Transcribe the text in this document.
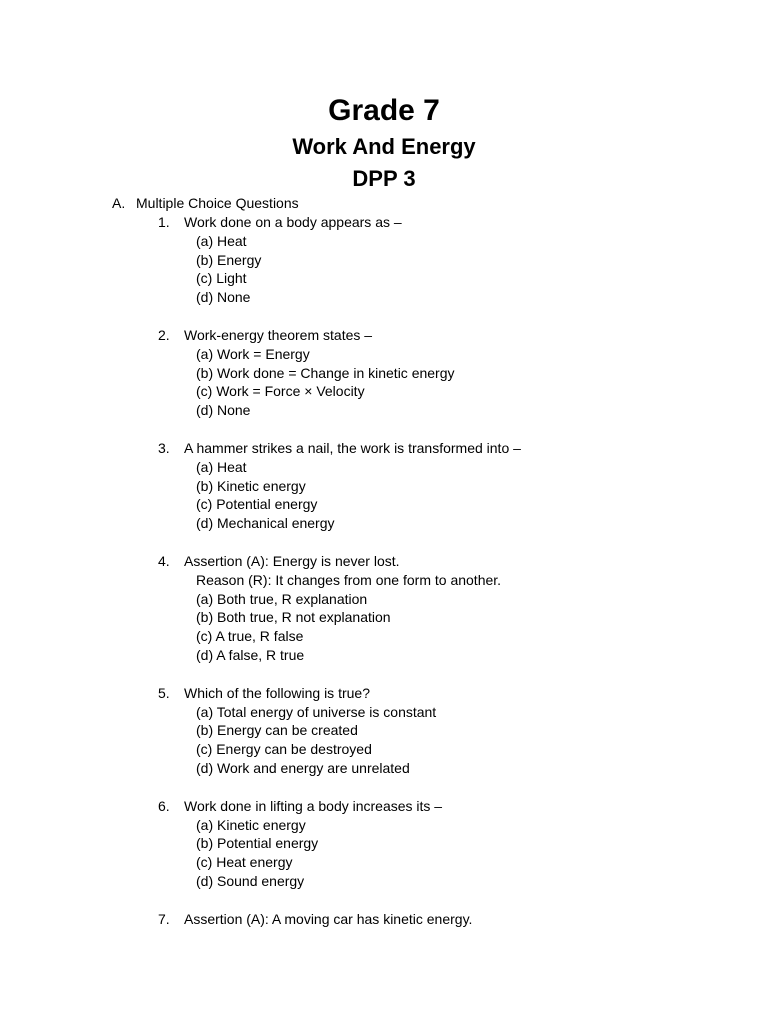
Grade 7
Work And Energy
DPP 3
A. Multiple Choice Questions
1. Work done on a body appears as –
(a) Heat
(b) Energy
(c) Light
(d) None
2. Work-energy theorem states –
(a) Work = Energy
(b) Work done = Change in kinetic energy
(c) Work = Force × Velocity
(d) None
3. A hammer strikes a nail, the work is transformed into –
(a) Heat
(b) Kinetic energy
(c) Potential energy
(d) Mechanical energy
4. Assertion (A): Energy is never lost.
Reason (R): It changes from one form to another.
(a) Both true, R explanation
(b) Both true, R not explanation
(c) A true, R false
(d) A false, R true
5. Which of the following is true?
(a) Total energy of universe is constant
(b) Energy can be created
(c) Energy can be destroyed
(d) Work and energy are unrelated
6. Work done in lifting a body increases its –
(a) Kinetic energy
(b) Potential energy
(c) Heat energy
(d) Sound energy
7. Assertion (A): A moving car has kinetic energy.
